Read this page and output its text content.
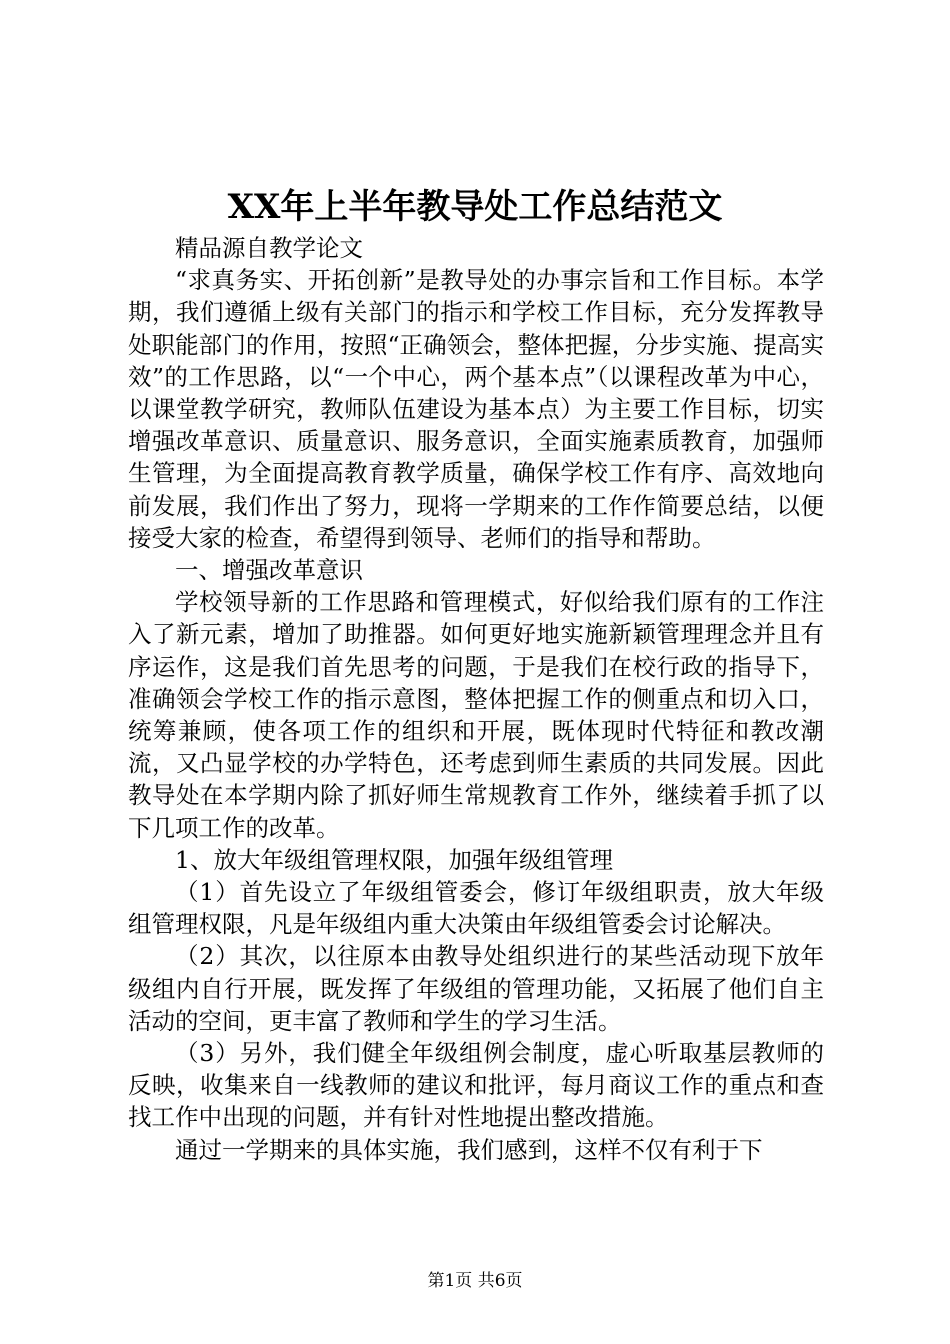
XX年上半年教导处工作总结范文

精品源自教学论文

“求真务实、开拓创新”是教导处的办事宗旨和工作目标。本学期，我们遵循上级有关部门的指示和学校工作目标，充分发挥教导处职能部门的作用，按照“正确领会，整体把握，分步实施、提高实效”的工作思路，以“一个中心，两个基本点”（以课程改革为中心，以课堂教学研究，教师队伍建设为基本点）为主要工作目标，切实增强改革意识、质量意识、服务意识，全面实施素质教育，加强师生管理，为全面提高教育教学质量，确保学校工作有序、高效地向前发展，我们作出了努力，现将一学期来的工作作简要总结，以便接受大家的检查，希望得到领导、老师们的指导和帮助。

一、增强改革意识

学校领导新的工作思路和管理模式，好似给我们原有的工作注入了新元素，增加了助推器。如何更好地实施新颖管理理念并且有序运作，这是我们首先思考的问题，于是我们在校行政的指导下，准确领会学校工作的指示意图，整体把握工作的侧重点和切入口，统筹兼顾，使各项工作的组织和开展，既体现时代特征和教改潮流，又凸显学校的办学特色，还考虑到师生素质的共同发展。因此教导处在本学期内除了抓好师生常规教育工作外，继续着手抓了以下几项工作的改革。

1、放大年级组管理权限，加强年级组管理

（1）首先设立了年级组管委会，修订年级组职责，放大年级组管理权限，凡是年级组内重大决策由年级组管委会讨论解决。

（2）其次，以往原本由教导处组织进行的某些活动现下放年级组内自行开展，既发挥了年级组的管理功能，又拓展了他们自主活动的空间，更丰富了教师和学生的学习生活。

（3）另外，我们健全年级组例会制度，虚心听取基层教师的反映，收集来自一线教师的建议和批评，每月商议工作的重点和查找工作中出现的问题，并有针对性地提出整改措施。

通过一学期来的具体实施，我们感到，这样不仅有利于下

第1页 共6页
